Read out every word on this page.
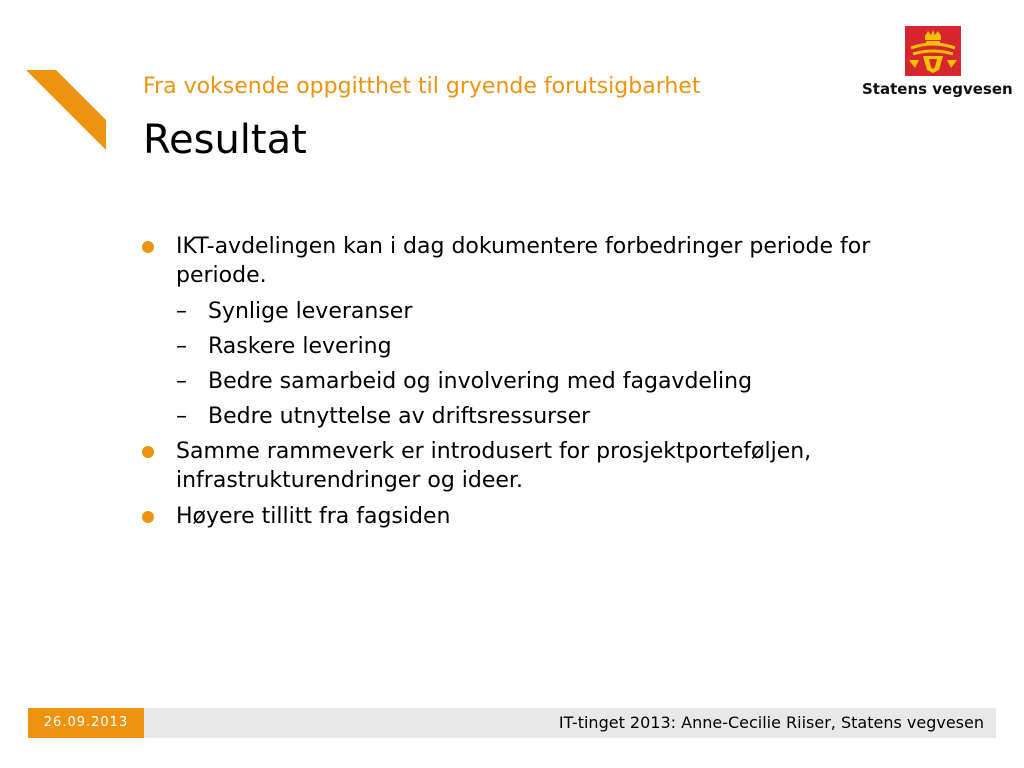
Fra voksende oppgitthet til gryende forutsigbarhet
Resultat
Statens vegvesen
IKT-avdelingen kan i dag dokumentere forbedringer periode for periode.
– Synlige leveranser
– Raskere levering
– Bedre samarbeid og involvering med fagavdeling
– Bedre utnyttelse av driftsressurser
Samme rammeverk er introdusert for prosjektporteføljen, infrastrukturendringer og ideer.
Høyere tillitt fra fagsiden
26.09.2013	IT-tinget 2013: Anne-Cecilie Riiser, Statens vegvesen
